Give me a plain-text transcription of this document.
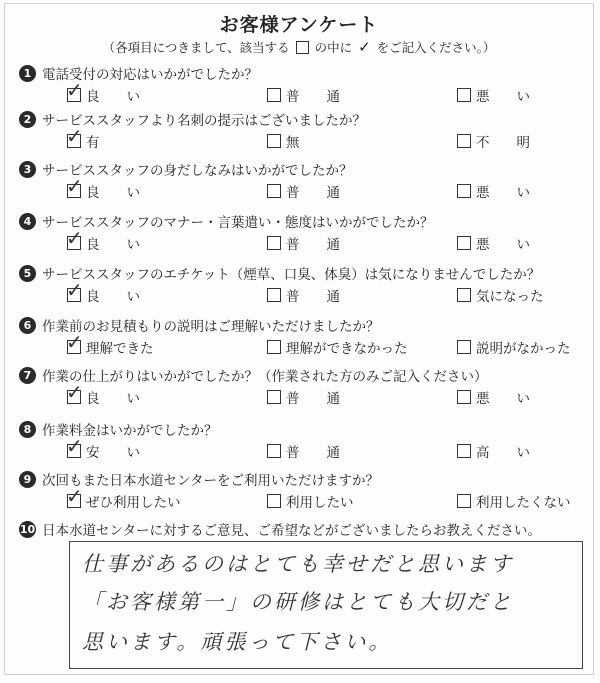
お客様アンケート
（各項目につきまして、該当する の中に ✓ をご記入ください。）
1 電話受付の対応はいかがでしたか？
✓ 良　　い	普　　通	悪　　い
2 サービススタッフより名刺の提示はございましたか？
✓ 有	無	不　　明
3 サービススタッフの身だしなみはいかがでしたか？
✓ 良　　い	普　　通	悪　　い
4 サービススタッフのマナー・言葉遣い・態度はいかがでしたか？
✓ 良　　い	普　　通	悪　　い
5 サービススタッフのエチケット（煙草、口臭、体臭）は気になりませんでしたか？
✓ 良　　い	普　　通	気になった
6 作業前のお見積もりの説明はご理解いただけましたか？
✓ 理解できた	理解ができなかった	説明がなかった
7 作業の仕上がりはいかがでしたか？（作業された方のみご記入ください）
✓ 良　　い	普　　通	悪　　い
8 作業料金はいかがでしたか？
✓ 安　　い	普　　通	高　　い
9 次回もまた日本水道センターをご利用いただけますか？
✓ ぜひ利用したい	利用したい	利用したくない
10 日本水道センターに対するご意見、ご希望などがございましたらお教えください。
仕事があるのはとても幸せだと思います
「お客様第一」の研修はとても大切だと
思います。頑張って下さい。
